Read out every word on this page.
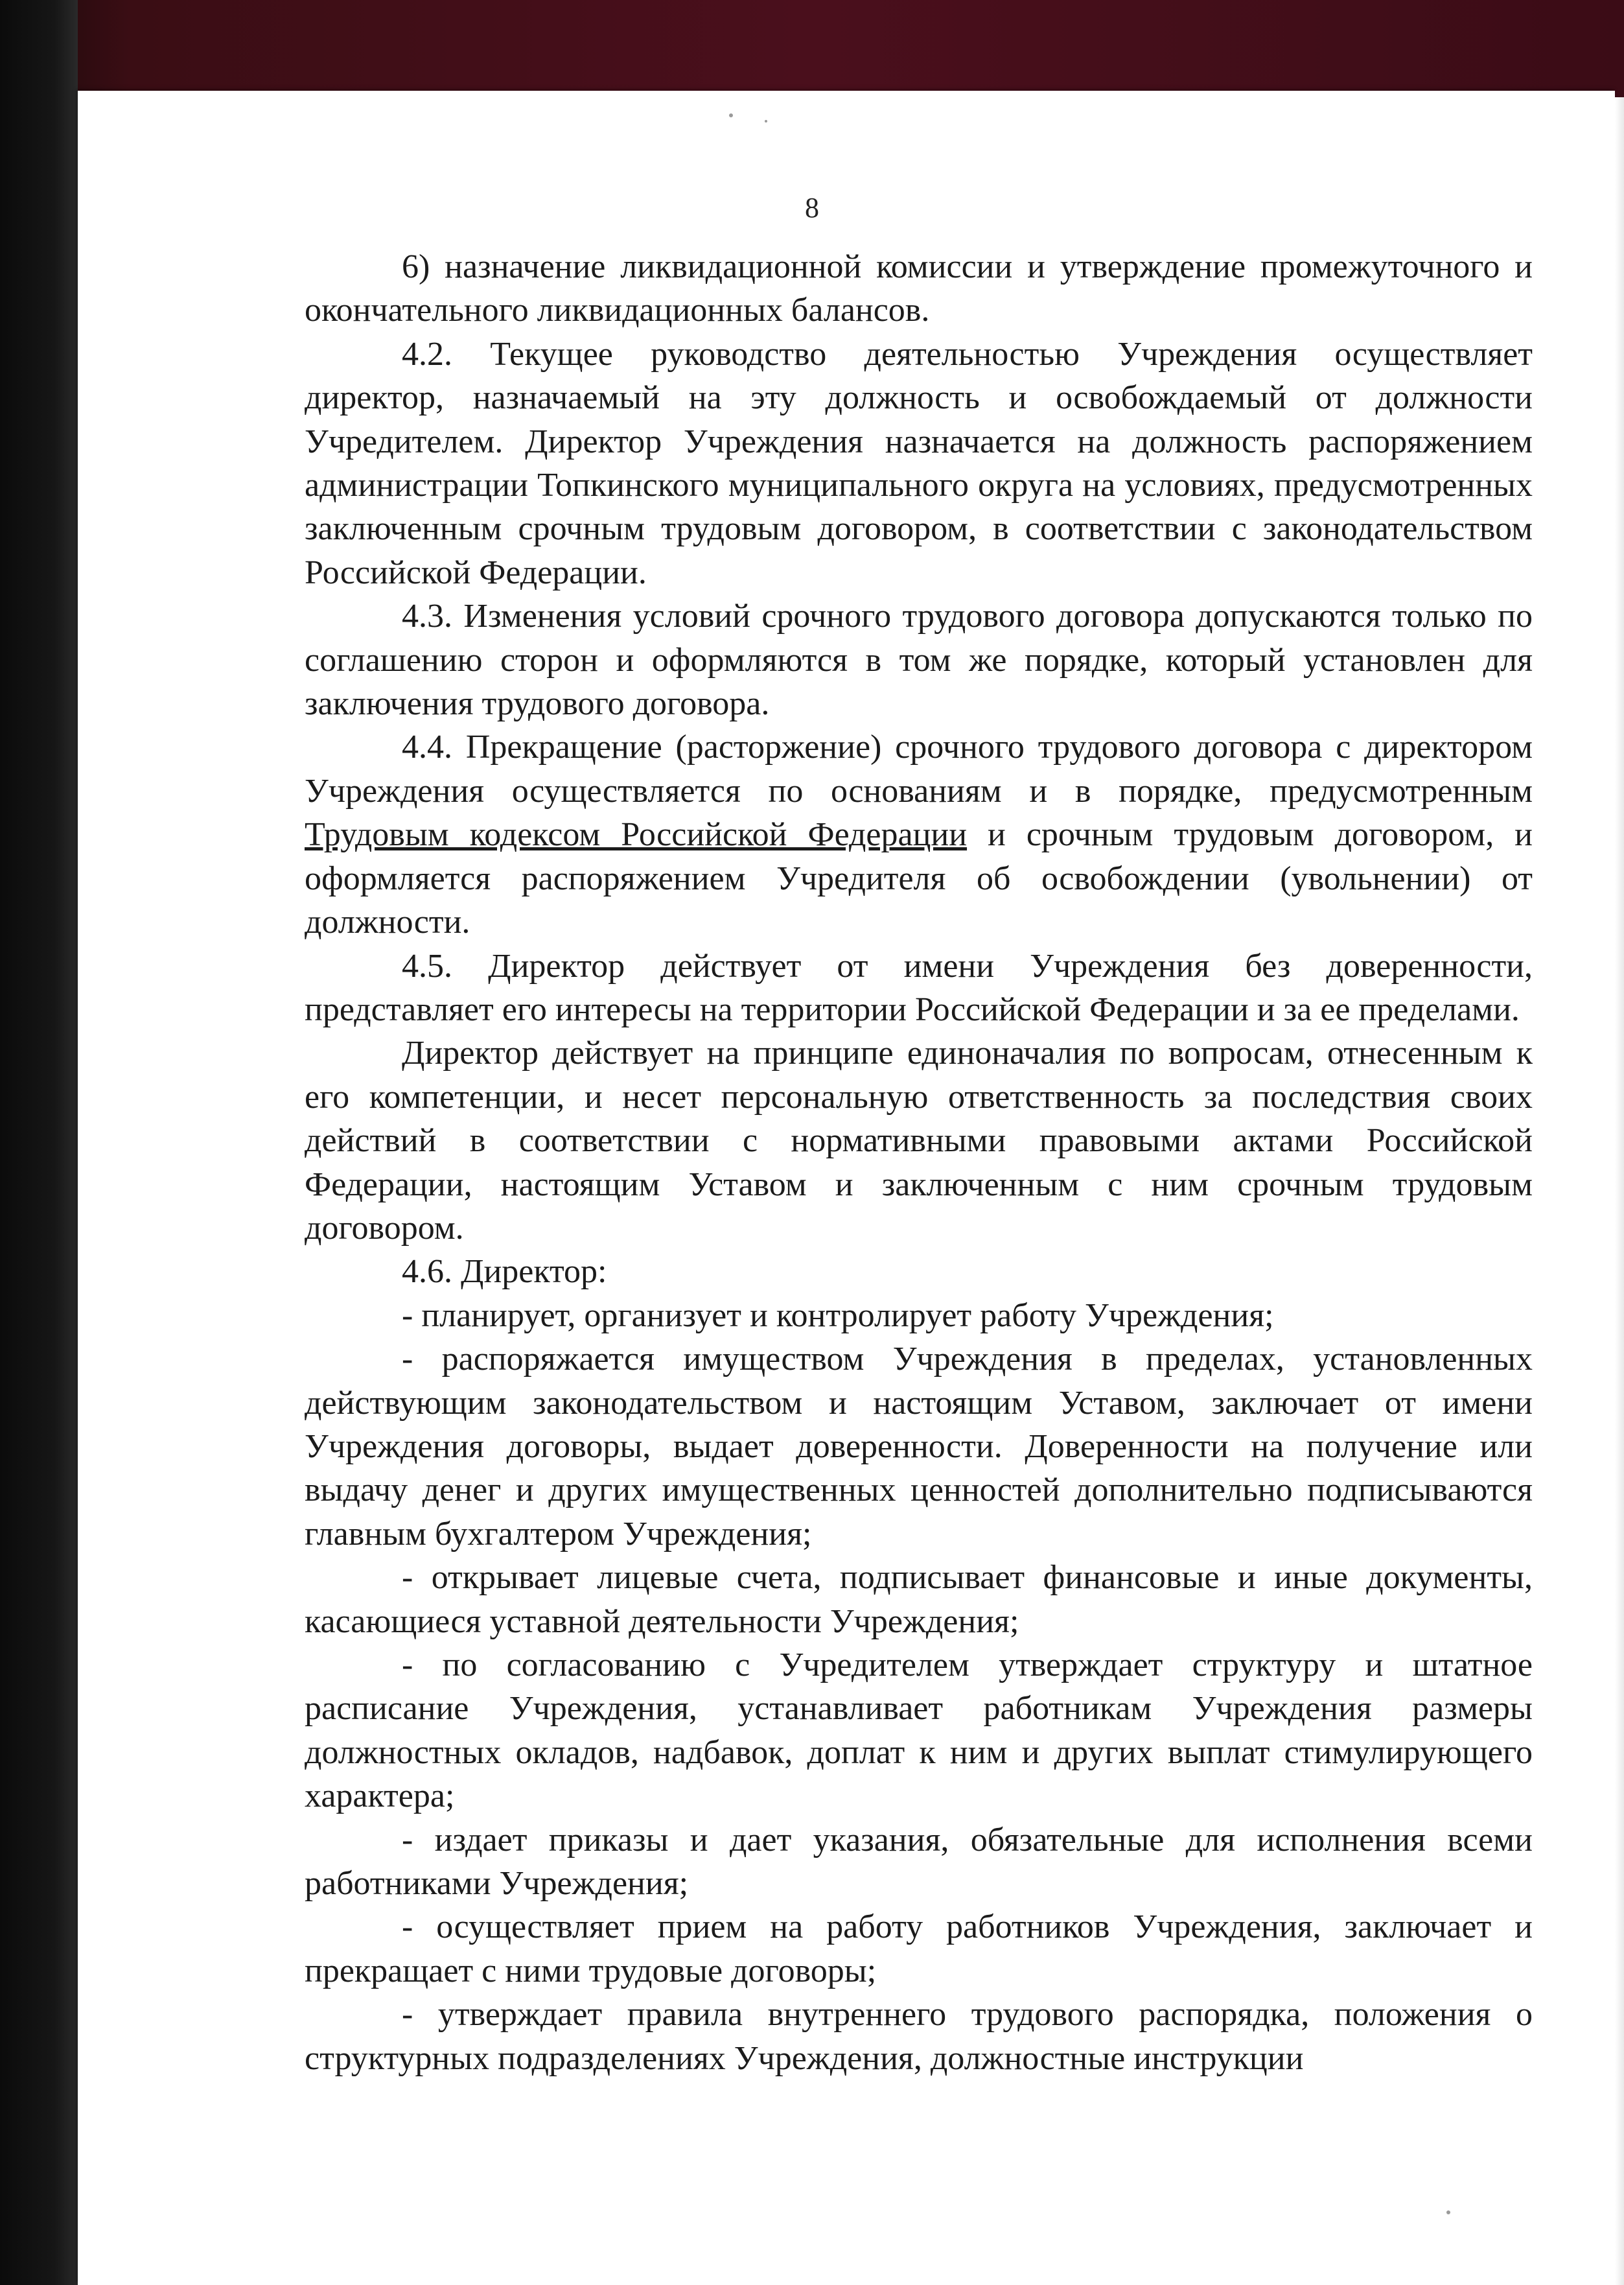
8

6) назначение ликвидационной комиссии и утверждение промежуточного и окончательного ликвидационных балансов.

4.2. Текущее руководство деятельностью Учреждения осуществляет директор, назначаемый на эту должность и освобождаемый от должности Учредителем. Директор Учреждения назначается на должность распоряжением администрации Топкинского муниципального округа на условиях, предусмотренных заключенным срочным трудовым договором, в соответствии с законодательством Российской Федерации.

4.3. Изменения условий срочного трудового договора допускаются только по соглашению сторон и оформляются в том же порядке, который установлен для заключения трудового договора.

4.4. Прекращение (расторжение) срочного трудового договора с директором Учреждения осуществляется по основаниям и в порядке, предусмотренным Трудовым кодексом Российской Федерации и срочным трудовым договором, и оформляется распоряжением Учредителя об освобождении (увольнении) от должности.

4.5. Директор действует от имени Учреждения без доверенности, представляет его интересы на территории Российской Федерации и за ее пределами.

Директор действует на принципе единоначалия по вопросам, отнесенным к его компетенции, и несет персональную ответственность за последствия своих действий в соответствии с нормативными правовыми актами Российской Федерации, настоящим Уставом и заключенным с ним срочным трудовым договором.

4.6. Директор:

- планирует, организует и контролирует работу Учреждения;

- распоряжается имуществом Учреждения в пределах, установленных действующим законодательством и настоящим Уставом, заключает от имени Учреждения договоры, выдает доверенности. Доверенности на получение или выдачу денег и других имущественных ценностей дополнительно подписываются главным бухгалтером Учреждения;

- открывает лицевые счета, подписывает финансовые и иные документы, касающиеся уставной деятельности Учреждения;

- по согласованию с Учредителем утверждает структуру и штатное расписание Учреждения, устанавливает работникам Учреждения размеры должностных окладов, надбавок, доплат к ним и других выплат стимулирующего характера;

- издает приказы и дает указания, обязательные для исполнения всеми работниками Учреждения;

- осуществляет прием на работу работников Учреждения, заключает и прекращает с ними трудовые договоры;

- утверждает правила внутреннего трудового распорядка, положения о структурных подразделениях Учреждения, должностные инструкции
